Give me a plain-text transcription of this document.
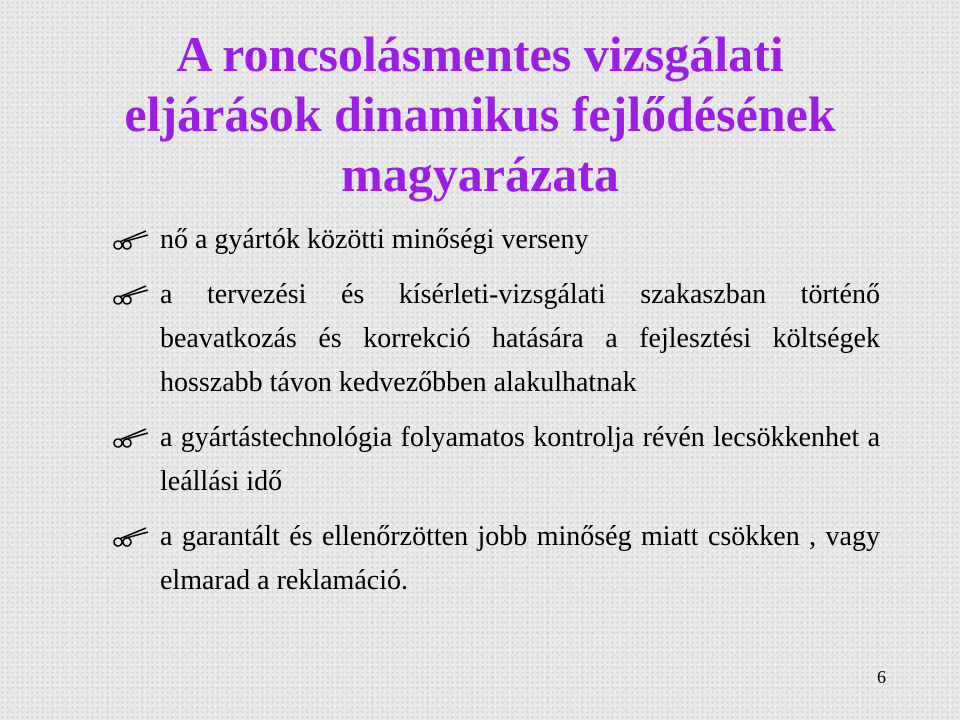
A roncsolásmentes vizsgálati
eljárások dinamikus fejlődésének
magyarázata
nő a gyártók közötti minőségi verseny
a tervezési és kísérleti-vizsgálati szakaszban történő beavatkozás és korrekció hatására a fejlesztési költségek hosszabb távon kedvezőbben alakulhatnak
a gyártástechnológia folyamatos kontrolja révén lecsökkenhet a leállási idő
a garantált és ellenőrzötten jobb minőség miatt csökken , vagy elmarad a reklamáció.
6
